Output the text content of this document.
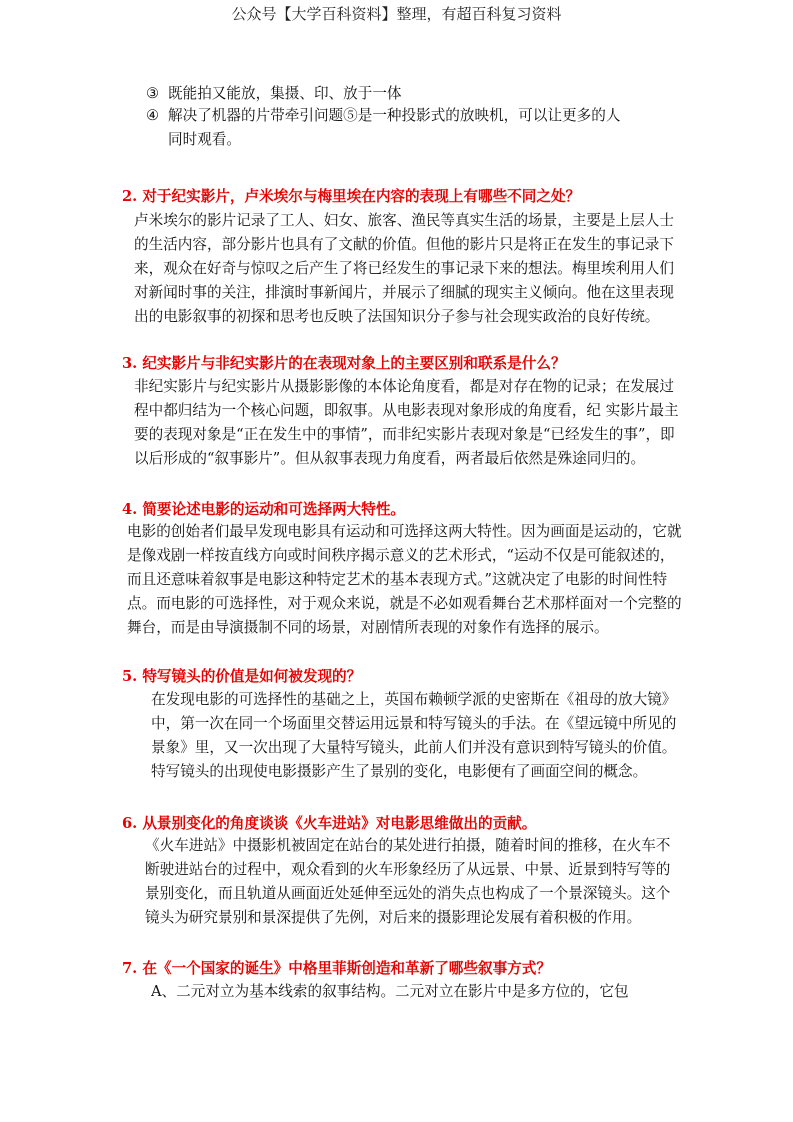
公众号【大学百科资料】整理，有超百科复习资料
③ 既能拍又能放，集摄、印、放于一体
④ 解决了机器的片带牵引问题⑤是一种投影式的放映机，可以让更多的人
同时观看。
2. 对于纪实影片，卢米埃尔与梅里埃在内容的表现上有哪些不同之处？

卢米埃尔的影片记录了工人、妇女、旅客、渔民等真实生活的场景，主要是上层人士的生活内容，部分影片也具有了文献的价值。但他的影片只是将正在发生的事记录下来，观众在好奇与惊叹之后产生了将已经发生的事记录下来的想法。梅里埃利用人们对新闻时事的关注，排演时事新闻片，并展示了细腻的现实主义倾向。他在这里表现出的电影叙事的初探和思考也反映了法国知识分子参与社会现实政治的良好传统。

3. 纪实影片与非纪实影片的在表现对象上的主要区别和联系是什么？

非纪实影片与纪实影片从摄影影像的本体论角度看，都是对存在物的记录；在发展过程中都归结为一个核心问题，即叙事。从电影表现对象形成的角度看，纪 实影片最主要的表现对象是“正在发生中的事情”，而非纪实影片表现对象是“已经发生的事”，即以后形成的“叙事影片”。但从叙事表现力角度看，两者最后依然是殊途同归的。

4. 简要论述电影的运动和可选择两大特性。

电影的创始者们最早发现电影具有运动和可选择这两大特性。因为画面是运动的，它就是像戏剧一样按直线方向或时间秩序揭示意义的艺术形式，“运动不仅是可能叙述的，而且还意味着叙事是电影这种特定艺术的基本表现方式。”这就决定了电影的时间性特点。而电影的可选择性，对于观众来说，就是不必如观看舞台艺术那样面对一个完整的舞台，而是由导演摄制不同的场景，对剧情所表现的对象作有选择的展示。

5. 特写镜头的价值是如何被发现的？

在发现电影的可选择性的基础之上，英国布赖顿学派的史密斯在《祖母的放大镜》中，第一次在同一个场面里交替运用远景和特写镜头的手法。在《望远镜中所见的景象》里，又一次出现了大量特写镜头，此前人们并没有意识到特写镜头的价值。特写镜头的出现使电影摄影产生了景别的变化，电影便有了画面空间的概念。

6. 从景别变化的角度谈谈《火车进站》对电影思维做出的贡献。

《火车进站》中摄影机被固定在站台的某处进行拍摄，随着时间的推移，在火车不断驶进站台的过程中，观众看到的火车形象经历了从远景、中景、近景到特写等的景别变化，而且轨道从画面近处延伸至远处的消失点也构成了一个景深镜头。这个镜头为研究景别和景深提供了先例，对后来的摄影理论发展有着积极的作用。

7. 在《一个国家的诞生》中格里菲斯创造和革新了哪些叙事方式？

A、二元对立为基本线索的叙事结构。二元对立在影片中是多方位的，它包
